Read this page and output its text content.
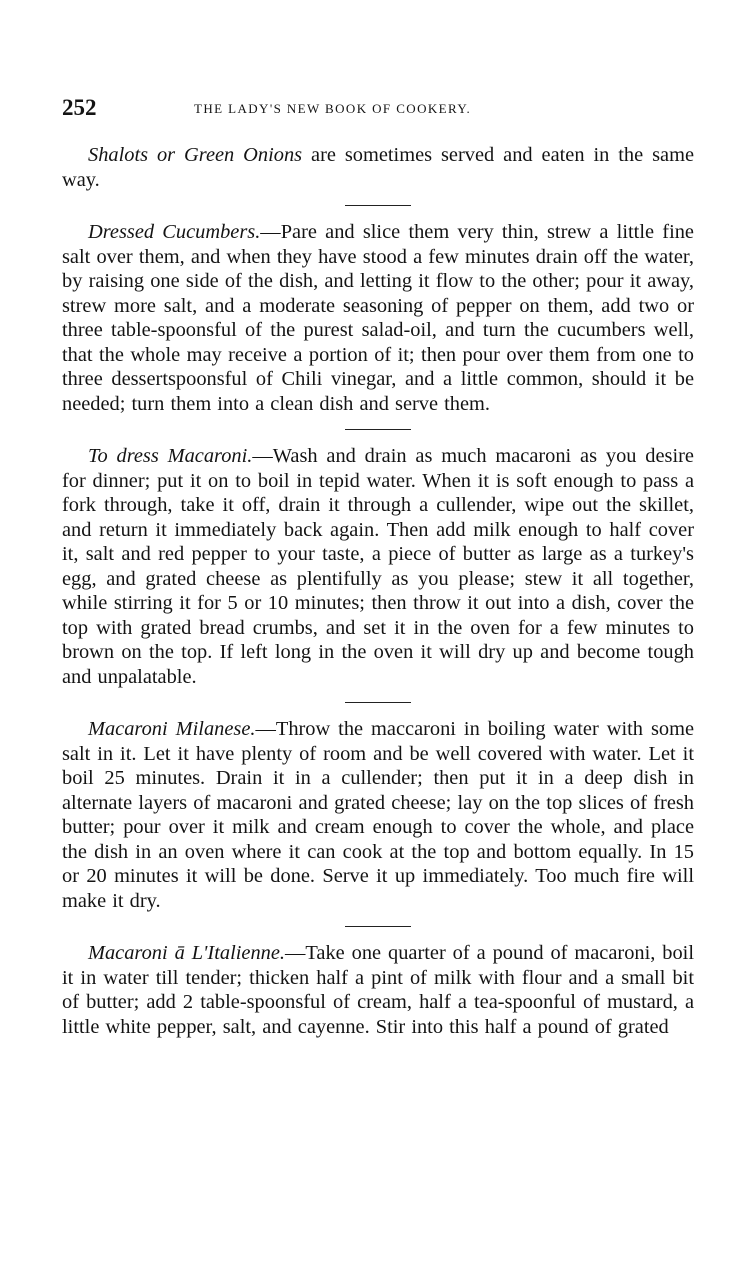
252	THE LADY'S NEW BOOK OF COOKERY.

Shalots or Green Onions are sometimes served and eaten in the same way.

Dressed Cucumbers.—Pare and slice them very thin, strew a little fine salt over them, and when they have stood a few minutes drain off the water, by raising one side of the dish, and letting it flow to the other; pour it away, strew more salt, and a moderate seasoning of pepper on them, add two or three table-spoonsful of the purest salad-oil, and turn the cucumbers well, that the whole may receive a portion of it; then pour over them from one to three dessertspoonsful of Chili vinegar, and a little common, should it be needed; turn them into a clean dish and serve them.

To dress Macaroni.—Wash and drain as much macaroni as you desire for dinner; put it on to boil in tepid water. When it is soft enough to pass a fork through, take it off, drain it through a cullender, wipe out the skillet, and return it immediately back again. Then add milk enough to half cover it, salt and red pepper to your taste, a piece of butter as large as a turkey's egg, and grated cheese as plentifully as you please; stew it all together, while stirring it for 5 or 10 minutes; then throw it out into a dish, cover the top with grated bread crumbs, and set it in the oven for a few minutes to brown on the top. If left long in the oven it will dry up and become tough and unpalatable.

Macaroni Milanese.—Throw the maccaroni in boiling water with some salt in it. Let it have plenty of room and be well covered with water. Let it boil 25 minutes. Drain it in a cullender; then put it in a deep dish in alternate layers of macaroni and grated cheese; lay on the top slices of fresh butter; pour over it milk and cream enough to cover the whole, and place the dish in an oven where it can cook at the top and bottom equally. In 15 or 20 minutes it will be done. Serve it up immediately. Too much fire will make it dry.

Macaroni ā L'Italienne.—Take one quarter of a pound of macaroni, boil it in water till tender; thicken half a pint of milk with flour and a small bit of butter; add 2 table-spoonsful of cream, half a tea-spoonful of mustard, a little white pepper, salt, and cayenne. Stir into this half a pound of grated
